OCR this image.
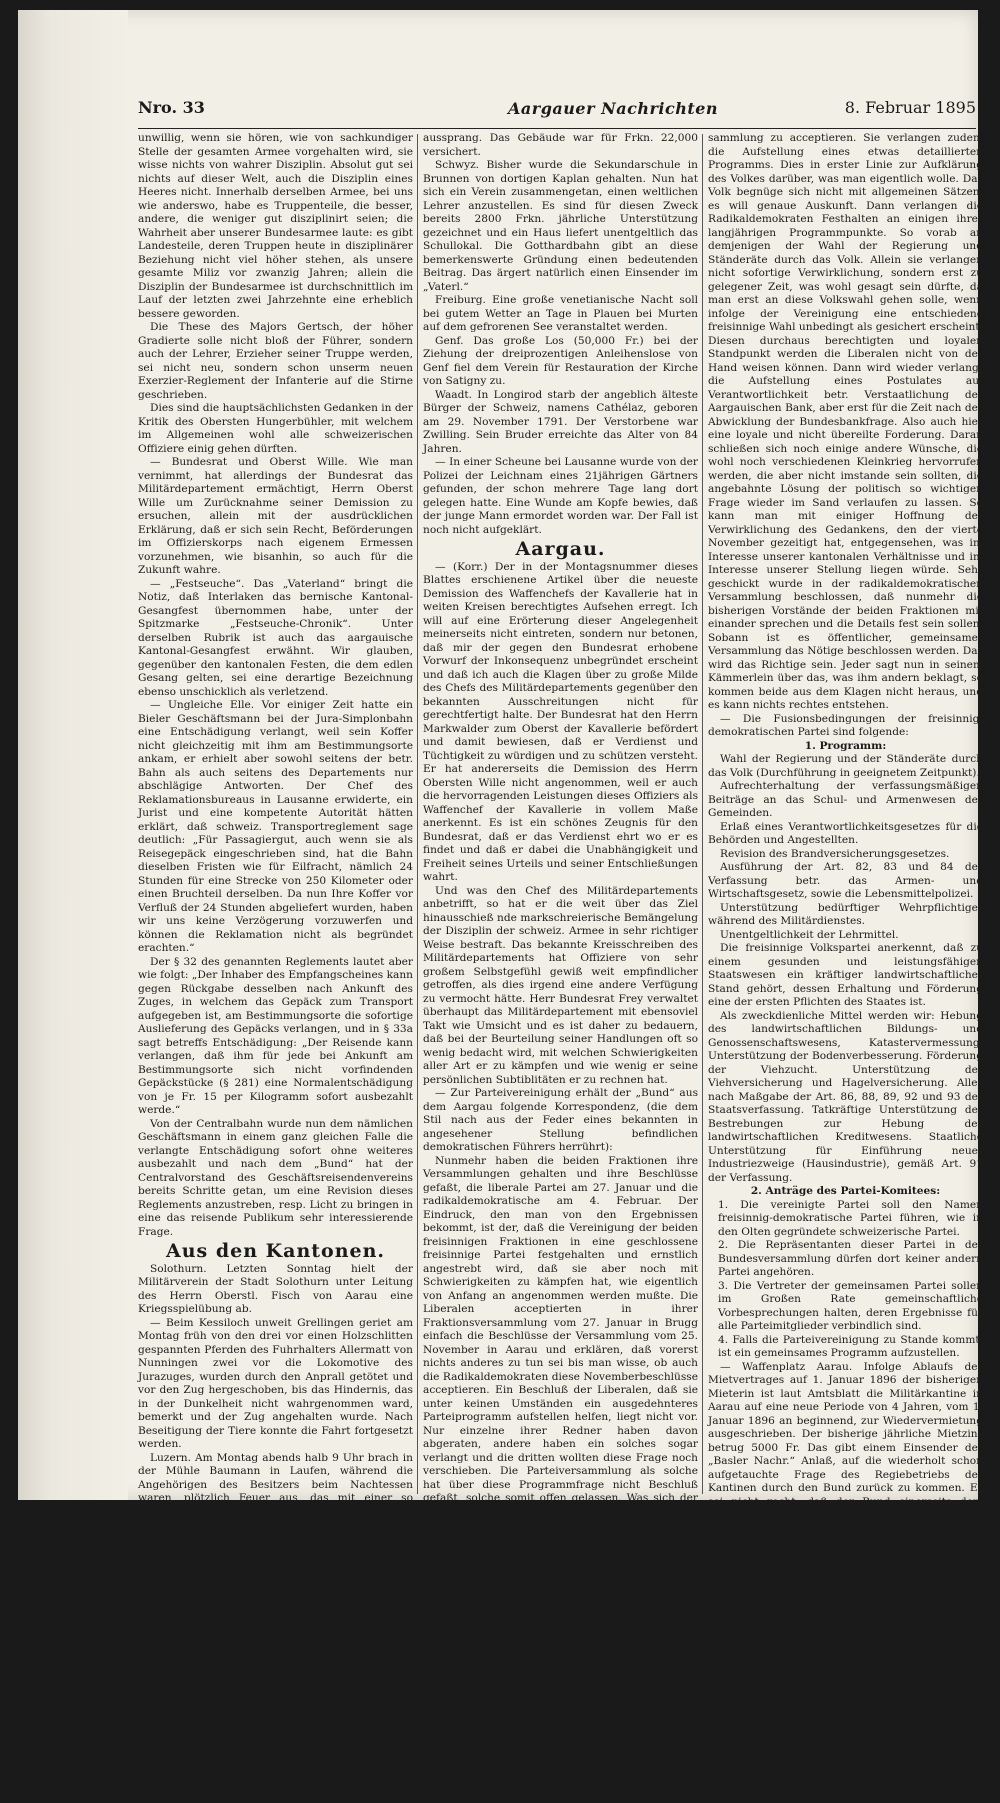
Nro. 33	Aargauer Nachrichten	8. Februar 1895

unwillig, wenn sie hören, wie von sachkundiger Stelle der gesamten Armee vorgehalten wird, sie wisse nichts von wahrer Disziplin. Absolut gut sei nichts auf dieser Welt, auch die Disziplin eines Heeres nicht. Innerhalb derselben Armee, bei uns wie anderswo, habe es Truppenteile, die besser, andere, die weniger gut disziplinirt seien; die Wahrheit aber unserer Bundesarmee laute: es gibt Landesteile, deren Truppen heute in disziplinärer Beziehung nicht viel höher stehen, als unsere gesamte Miliz vor zwanzig Jahren; allein die Disziplin der Bundesarmee ist durchschnittlich im Lauf der letzten zwei Jahrzehnte eine erheblich bessere geworden.

Die These des Majors Gertsch, der höher Gradierte solle nicht bloß der Führer, sondern auch der Lehrer, Erzieher seiner Truppe werden, sei nicht neu, sondern schon unserm neuen Exerzier-Reglement der Infanterie auf die Stirne geschrieben.

Dies sind die hauptsächlichsten Gedanken in der Kritik des Obersten Hungerbühler, mit welchem im Allgemeinen wohl alle schweizerischen Offiziere einig gehen dürften.

— Bundesrat und Oberst Wille. Wie man vernimmt, hat allerdings der Bundesrat das Militärdepartement ermächtigt, Herrn Oberst Wille um Zurücknahme seiner Demission zu ersuchen, allein mit der ausdrücklichen Erklärung, daß er sich sein Recht, Beförderungen im Offizierskorps nach eigenem Ermessen vorzunehmen, wie bisanhin, so auch für die Zukunft wahre.

— „Festseuche“. Das „Vaterland“ bringt die Notiz, daß Interlaken das bernische Kantonal-Gesangfest übernommen habe, unter der Spitzmarke „Festseuche-Chronik“. Unter derselben Rubrik ist auch das aargauische Kantonal-Gesangfest erwähnt. Wir glauben, gegenüber den kantonalen Festen, die dem edlen Gesang gelten, sei eine derartige Bezeichnung ebenso unschicklich als verletzend.

— Ungleiche Elle. Vor einiger Zeit hatte ein Bieler Geschäftsmann bei der Jura-Simplonbahn eine Entschädigung verlangt, weil sein Koffer nicht gleichzeitig mit ihm am Bestimmungsorte ankam, er erhielt aber sowohl seitens der betr. Bahn als auch seitens des Departements nur abschlägige Antworten. Der Chef des Reklamationsbureaus in Lausanne erwiderte, ein Jurist und eine kompetente Autorität hätten erklärt, daß schweiz. Transportreglement sage deutlich: „Für Passagiergut, auch wenn sie als Reisegepäck eingeschrieben sind, hat die Bahn dieselben Fristen wie für Eilfracht, nämlich 24 Stunden für eine Strecke von 250 Kilometer oder einen Bruchteil derselben. Da nun Ihre Koffer vor Verfluß der 24 Stunden abgeliefert wurden, haben wir uns keine Verzögerung vorzuwerfen und können die Reklamation nicht als begründet erachten.“

Der § 32 des genannten Reglements lautet aber wie folgt: „Der Inhaber des Empfangscheines kann gegen Rückgabe desselben nach Ankunft des Zuges, in welchem das Gepäck zum Transport aufgegeben ist, am Bestimmungsorte die sofortige Auslieferung des Gepäcks verlangen, und in § 33a sagt betreffs Entschädigung: „Der Reisende kann verlangen, daß ihm für jede bei Ankunft am Bestimmungsorte sich nicht vorfindenden Gepäckstücke (§ 281) eine Normalentschädigung von je Fr. 15 per Kilogramm sofort ausbezahlt werde.“

Von der Centralbahn wurde nun dem nämlichen Geschäftsmann in einem ganz gleichen Falle die verlangte Entschädigung sofort ohne weiteres ausbezahlt und nach dem „Bund“ hat der Centralvorstand des Geschäftsreisendenvereins bereits Schritte getan, um eine Revision dieses Reglements anzustreben, resp. Licht zu bringen in eine das reisende Publikum sehr interessierende Frage.

Aus den Kantonen.

Solothurn. Letzten Sonntag hielt der Militärverein der Stadt Solothurn unter Leitung des Herrn Oberstl. Fisch von Aarau eine Kriegsspielübung ab.

— Beim Kessiloch unweit Grellingen geriet am Montag früh von den drei vor einen Holzschlitten gespannten Pferden des Fuhrhalters Allermatt von Nunningen zwei vor die Lokomotive des Jurazuges, wurden durch den Anprall getötet und vor den Zug hergeschoben, bis das Hindernis, das in der Dunkelheit nicht wahrgenommen ward, bemerkt und der Zug angehalten wurde. Nach Beseitigung der Tiere konnte die Fahrt fortgesetzt werden.

Luzern. Am Montag abends halb 9 Uhr brach in der Mühle Baumann in Laufen, während die Angehörigen des Besitzers beim Nachtessen waren, plötzlich Feuer aus, das mit einer so riesigen Schnelligkeit um sich griff, daß es dem Sohn Hermann Baumann — der Vater war abwesend — und der Lehrling vor das Haus kamen, nicht mehr möglich war, die im Gang befindliche Mühle abzustellen, und mit dem Gebäude auch das ganze (versicherte) Mühle-Inventar, sowie ein erheblicher Vorrat an Mehl und Getreide ein Raub der Flammen wurde. Der Brand soll in einem Zimmer in der westlichen Ecke der Mühle, das dem Sohn und dem Lehrling als Schlafzimmer diente und kurz vorher geheizt worden war, entstanden sein, indem wahrscheinlich aus dem Ofen, in welchen der Sohn vor dem Nachtessen noch etwas Holz eingelegt hatte, ein Funken her-

aussprang. Das Gebäude war für Frkn. 22,000 versichert.

Schwyz. Bisher wurde die Sekundarschule in Brunnen von dortigen Kaplan gehalten. Nun hat sich ein Verein zusammengetan, einen weltlichen Lehrer anzustellen. Es sind für diesen Zweck bereits 2800 Frkn. jährliche Unterstützung gezeichnet und ein Haus liefert unentgeltlich das Schullokal. Die Gotthardbahn gibt an diese bemerkenswerte Gründung einen bedeutenden Beitrag. Das ärgert natürlich einen Einsender im „Vaterl.“

Freiburg. Eine große venetianische Nacht soll bei gutem Wetter an Tage in Plauen bei Murten auf dem gefrorenen See veranstaltet werden.

Genf. Das große Los (50,000 Fr.) bei der Ziehung der dreiprozentigen Anleihenslose von Genf fiel dem Verein für Restauration der Kirche von Satigny zu.

Waadt. In Longirod starb der angeblich älteste Bürger der Schweiz, namens Cathélaz, geboren am 29. November 1791. Der Verstorbene war Zwilling. Sein Bruder erreichte das Alter von 84 Jahren.

— In einer Scheune bei Lausanne wurde von der Polizei der Leichnam eines 21jährigen Gärtners gefunden, der schon mehrere Tage lang dort gelegen hatte. Eine Wunde am Kopfe bewies, daß der junge Mann ermordet worden war. Der Fall ist noch nicht aufgeklärt.

Aargau.

— (Korr.) Der in der Montagsnummer dieses Blattes erschienene Artikel über die neueste Demission des Waffenchefs der Kavallerie hat in weiten Kreisen berechtigtes Aufsehen erregt. Ich will auf eine Erörterung dieser Angelegenheit meinerseits nicht eintreten, sondern nur betonen, daß mir der gegen den Bundesrat erhobene Vorwurf der Inkonsequenz unbegründet erscheint und daß ich auch die Klagen über zu große Milde des Chefs des Militärdepartements gegenüber den bekannten Ausschreitungen nicht für gerechtfertigt halte. Der Bundesrat hat den Herrn Markwalder zum Oberst der Kavallerie befördert und damit bewiesen, daß er Verdienst und Tüchtigkeit zu würdigen und zu schützen versteht. Er hat andererseits die Demission des Herrn Obersten Wille nicht angenommen, weil er auch die hervorragenden Leistungen dieses Offiziers als Waffenchef der Kavallerie in vollem Maße anerkennt. Es ist ein schönes Zeugnis für den Bundesrat, daß er das Verdienst ehrt wo er es findet und daß er dabei die Unabhängigkeit und Freiheit seines Urteils und seiner Entschließungen wahrt.

Und was den Chef des Militärdepartements anbetrifft, so hat er die weit über das Ziel hinausschieß nde markschreierische Bemängelung der Disziplin der schweiz. Armee in sehr richtiger Weise bestraft. Das bekannte Kreisschreiben des Militärdepartements hat Offiziere von sehr großem Selbstgefühl gewiß weit empfindlicher getroffen, als dies irgend eine andere Verfügung zu vermocht hätte. Herr Bundesrat Frey verwaltet überhaupt das Militärdepartement mit ebensoviel Takt wie Umsicht und es ist daher zu bedauern, daß bei der Beurteilung seiner Handlungen oft so wenig bedacht wird, mit welchen Schwierigkeiten aller Art er zu kämpfen und wie wenig er seine persönlichen Subtiblitäten er zu rechnen hat.

— Zur Parteivereinigung erhält der „Bund“ aus dem Aargau folgende Korrespondenz, (die dem Stil nach aus der Feder eines bekannten in angesehener Stellung befindlichen demokratischen Führers herrührt):

Nunmehr haben die beiden Fraktionen ihre Versammlungen gehalten und ihre Beschlüsse gefaßt, die liberale Partei am 27. Januar und die radikaldemokratische am 4. Februar. Der Eindruck, den man von den Ergebnissen bekommt, ist der, daß die Vereinigung der beiden freisinnigen Fraktionen in eine geschlossene freisinnige Partei festgehalten und ernstlich angestrebt wird, daß sie aber noch mit Schwierigkeiten zu kämpfen hat, wie eigentlich von Anfang an angenommen werden mußte. Die Liberalen acceptierten in ihrer Fraktionsversammlung vom 27. Januar in Brugg einfach die Beschlüsse der Versammlung vom 25. November in Aarau und erklären, daß vorerst nichts anderes zu tun sei bis man wisse, ob auch die Radikaldemokraten diese Novemberbeschlüsse acceptieren. Ein Beschluß der Liberalen, daß sie unter keinen Umständen ein ausgedehnteres Parteiprogramm aufstellen helfen, liegt nicht vor. Nur einzelne ihrer Redner haben davon abgeraten, andere haben ein solches sogar verlangt und die dritten wollten diese Frage noch verschieben. Die Parteiversammlung als solche hat über diese Programmfrage nicht Beschluß gefaßt, solche somit offen gelassen. Was sich der Inhalt der Beschlüsse der Aarauer Versammlung vom 25. November 1894? Sehr kurz, aber gewichtig. Jene Beschlüsse wiesen den Ultramontanismus und jegliche sonstige Reaktion kategorisch zurück, statuieren somit ein durchaus freisinniges Programm in der Idealpolitik. In der Realpolitik wollen sie eine gehörige Finanzierung des Kantons und gestützt hierauf Ausführung der volkswirtschaftlichen und sozialpolitischen Postulate der neuen Staatsverfassung von 1885. Es sind dies nur zwei Sätze. Aber jeder einsichtige Politiker wird zugeben, daß darin eigentlich doch der Kern jeder freisinnigen Politik enthalten ist und daß in diesen Hauptsätzen von selbst die Detailpunkte nach beiden Richtungen hin ausschließen. Die Aarauer Beschlüsse sind nun von den beiden freisinnigen Fraktionsversammlungen angenommen. Damit ist viel erreicht. Die Radikaldemokraten in ihrer sehr zahlreich besuchten Versammlung vom 4. Februar haben sich ihrerseits nicht damit begnügt, einfach die Beschlüsse der Novemberver-

sammlung zu acceptieren. Sie verlangen zudem die Aufstellung eines etwas detaillierten Programms. Dies in erster Linie zur Aufklärung des Volkes darüber, was man eigentlich wolle. Das Volk begnüge sich nicht mit allgemeinen Sätzen, es will genaue Auskunft. Dann verlangen die Radikaldemokraten Festhalten an einigen ihrer langjährigen Programmpunkte. So vorab an demjenigen der Wahl der Regierung und Ständeräte durch das Volk. Allein sie verlangen nicht sofortige Verwirklichung, sondern erst zu gelegener Zeit, was wohl gesagt sein dürfte, da man erst an diese Volkswahl gehen solle, wenn infolge der Vereinigung eine entschiedene freisinnige Wahl unbedingt als gesichert erscheint. Diesen durchaus berechtigten und loyalen Standpunkt werden die Liberalen nicht von der Hand weisen können. Dann wird wieder verlangt die Aufstellung eines Postulates auf Verantwortlichkeit betr. Verstaatlichung der Aargauischen Bank, aber erst für die Zeit nach der Abwicklung der Bundesbankfrage. Also auch hier eine loyale und nicht übereilte Forderung. Daran schließen sich noch einige andere Wünsche, die wohl noch verschiedenen Kleinkrieg hervorrufen werden, die aber nicht imstande sein sollten, die angebahnte Lösung der politisch so wichtigen Frage wieder im Sand verlaufen zu lassen. So kann man mit einiger Hoffnung der Verwirklichung des Gedankens, den der vierte November gezeitigt hat, entgegensehen, was im Interesse unserer kantonalen Verhältnisse und im Interesse unserer Stellung liegen würde. Sehr geschickt wurde in der radikaldemokratischen Versammlung beschlossen, daß nunmehr die bisherigen Vorstände der beiden Fraktionen mit einander sprechen und die Details fest sein sollen. Sobann ist es öffentlicher, gemeinsamer Versammlung das Nötige beschlossen werden. Das wird das Richtige sein. Jeder sagt nun in seinem Kämmerlein über das, was ihm andern beklagt, so kommen beide aus dem Klagen nicht heraus, und es kann nichts rechtes entstehen.

— Die Fusionsbedingungen der freisinnig-demokratischen Partei sind folgende:

1. Programm:

Wahl der Regierung und der Ständeräte durch das Volk (Durchführung in geeignetem Zeitpunkt).

Aufrechterhaltung der verfassungsmäßigen Beiträge an das Schul- und Armenwesen der Gemeinden.

Erlaß eines Verantwortlichkeitsgesetzes für die Behörden und Angestellten.

Revision des Brandversicherungsgesetzes.

Ausführung der Art. 82, 83 und 84 der Verfassung betr. das Armen- und Wirtschaftsgesetz, sowie die Lebensmittelpolizei.

Unterstützung bedürftiger Wehrpflichtiger während des Militärdienstes.

Unentgeltlichkeit der Lehrmittel.

Die freisinnige Volkspartei anerkennt, daß zu einem gesunden und leistungsfähigen Staatswesen ein kräftiger landwirtschaftlicher Stand gehört, dessen Erhaltung und Förderung eine der ersten Pflichten des Staates ist.

Als zweckdienliche Mittel werden wir: Hebung des landwirtschaftlichen Bildungs- und Genossenschaftswesens, Katastervermessung. Unterstützung der Bodenverbesserung. Förderung der Viehzucht. Unterstützung der Viehversicherung und Hagelversicherung. Alles nach Maßgabe der Art. 86, 88, 89, 92 und 93 der Staatsverfassung. Tatkräftige Unterstützung der Bestrebungen zur Hebung des landwirtschaftlichen Kreditwesens. Staatliche Unterstützung für Einführung neuer Industriezweige (Hausindustrie), gemäß Art. 91 der Verfassung.

2. Anträge des Partei-Komitees:

1. Die vereinigte Partei soll den Namen freisinnig-demokratische Partei führen, wie in den Olten gegründete schweizerische Partei.

2. Die Repräsentanten dieser Partei in der Bundesversammlung dürfen dort keiner andern Partei angehören.

3. Die Vertreter der gemeinsamen Partei sollen im Großen Rate gemeinschaftliche Vorbesprechungen halten, deren Ergebnisse für alle Parteimitglieder verbindlich sind.

4. Falls die Parteivereinigung zu Stande kommt, ist ein gemeinsames Programm aufzustellen.

— Waffenplatz Aarau. Infolge Ablaufs des Mietvertrages auf 1. Januar 1896 der bisherigen Mieterin ist laut Amtsblatt die Militärkantine in Aarau auf eine neue Periode von 4 Jahren, vom 1. Januar 1896 an beginnend, zur Wiedervermietung ausgeschrieben. Der bisherige jährliche Mietzins betrug 5000 Fr. Das gibt einem Einsender der „Basler Nachr.“ Anlaß, auf die wiederholt schon aufgetauchte Frage des Regiebetriebs der Kantinen durch den Bund zurück zu kommen. Es sei nicht recht, daß der Bund einerseits dem Soldaten und Rekruten einen bescheidenen Sold verabfolgt und andererseits im Verein mit den Kantonen dem nämlichen Wehrmann den kärglichen Sold durch teure Vermietung der Kantinen und durch nirgends fixierte Preise der Speisen und Getränke der Kantinenwirte wieder aus der Tasche ziehe.

Wolle man den Regiebetrieb nicht, so erlasse man wenigstens eine Vorschrift über den Preis der Speisen und Getränke. Der Einsender macht die Anregung, auf dem Wege einer Massenpetition die Frage des Regiebetriebs der Kantinen in Fluß zu bringen.

— Aargauische Kreditanstalt. Dem soeben im Druck erschienenen Rechenschaftsbericht pro 1894 entnehmen wir, daß das erzielte Resultat ein befriedigendes war. Doch fiel der Betrieb bezüglich das Kreditgewähren kaum mehr gewürdigt wird und in einer ſo weit daß Bestreben hervortritt, den Kredit in einer dem Kreditgeber nachteiligen Weise auszubeuten,
